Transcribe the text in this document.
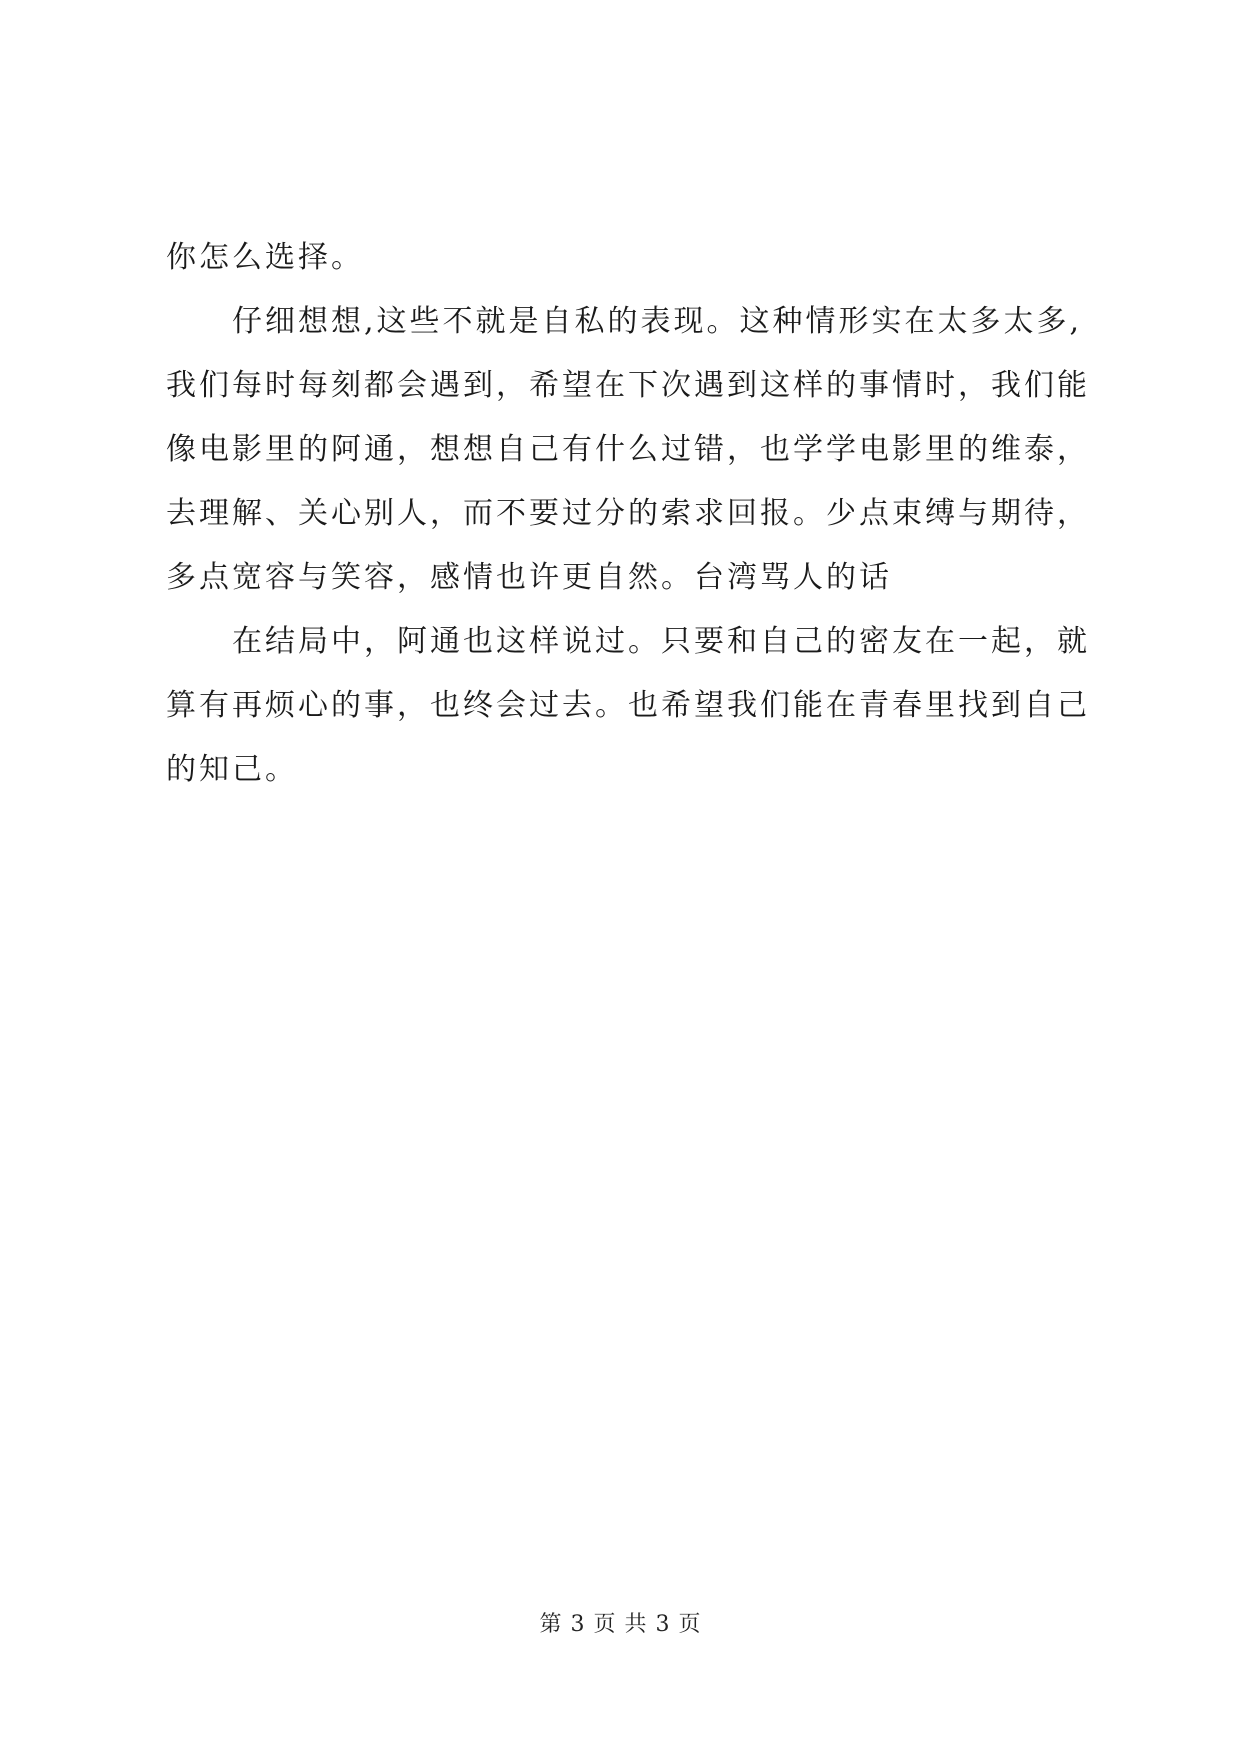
你怎么选择。
仔细想想,这些不就是自私的表现。这种情形实在太多太多,
我们每时每刻都会遇到，希望在下次遇到这样的事情时，我们能
像电影里的阿通，想想自己有什么过错，也学学电影里的维泰，
去理解、关心别人，而不要过分的索求回报。少点束缚与期待，
多点宽容与笑容，感情也许更自然。台湾骂人的话
在结局中，阿通也这样说过。只要和自己的密友在一起，就
算有再烦心的事，也终会过去。也希望我们能在青春里找到自己
的知己。
第 3 页 共 3 页
